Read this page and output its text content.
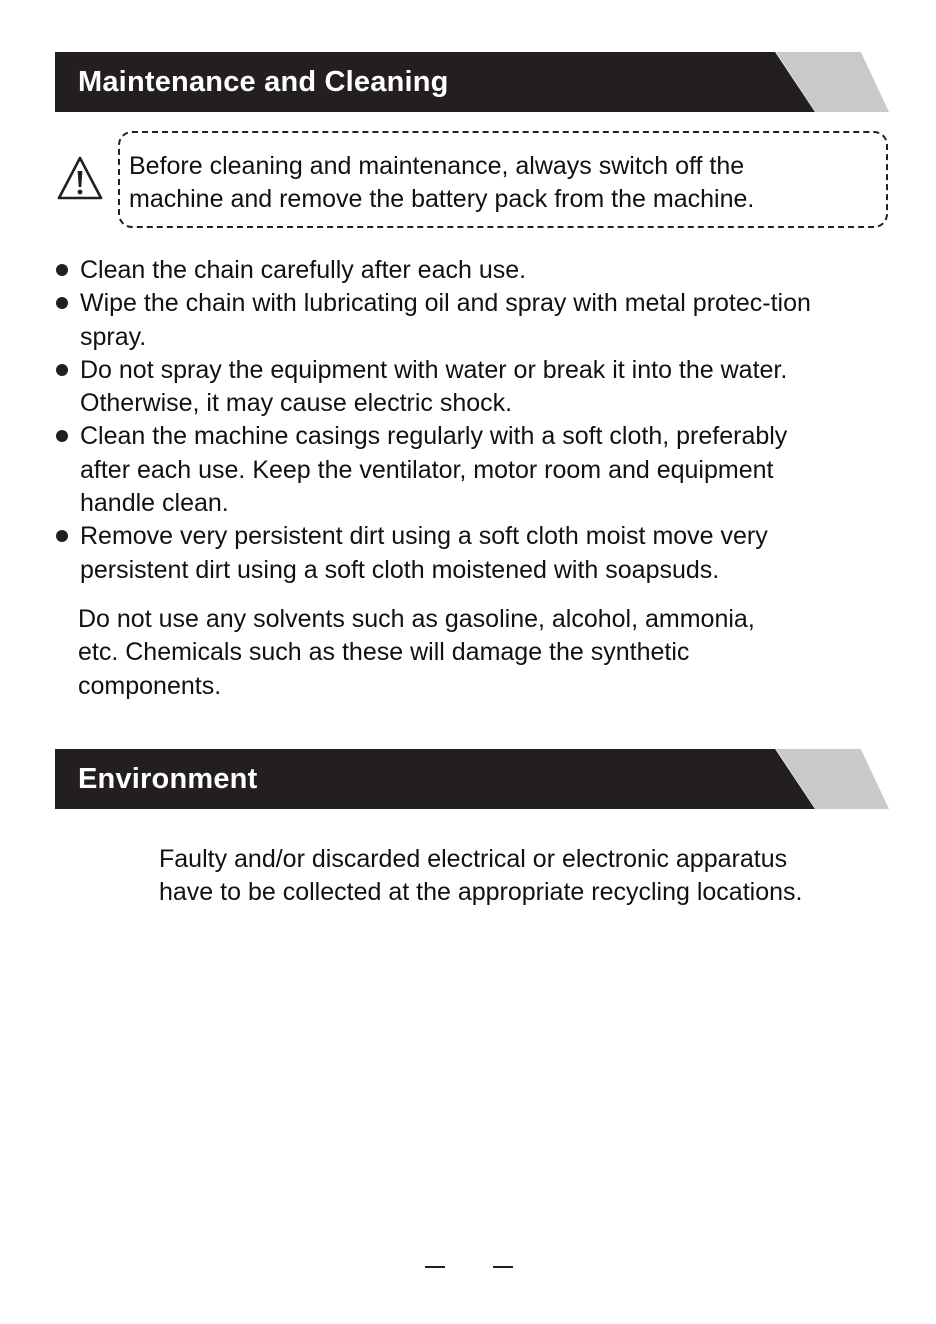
Maintenance and Cleaning
Before cleaning and maintenance, always switch off the
machine and remove the battery pack from the machine.
Clean the chain carefully after each use.
Wipe the chain with lubricating oil and spray with metal protec-tion
spray.
Do not spray the equipment with water or break it into the water.
Otherwise, it may cause electric shock.
Clean the machine casings regularly with a soft cloth, preferably
after each use. Keep the ventilator, motor room and equipment
handle clean.
Remove very persistent dirt using a soft cloth moist move very
persistent dirt using a soft cloth moistened with soapsuds.
Do not use any solvents such as gasoline, alcohol, ammonia,
etc. Chemicals such as these will damage the synthetic
components.
Environment
Faulty and/or discarded electrical or electronic apparatus
have to be collected at the appropriate recycling locations.
